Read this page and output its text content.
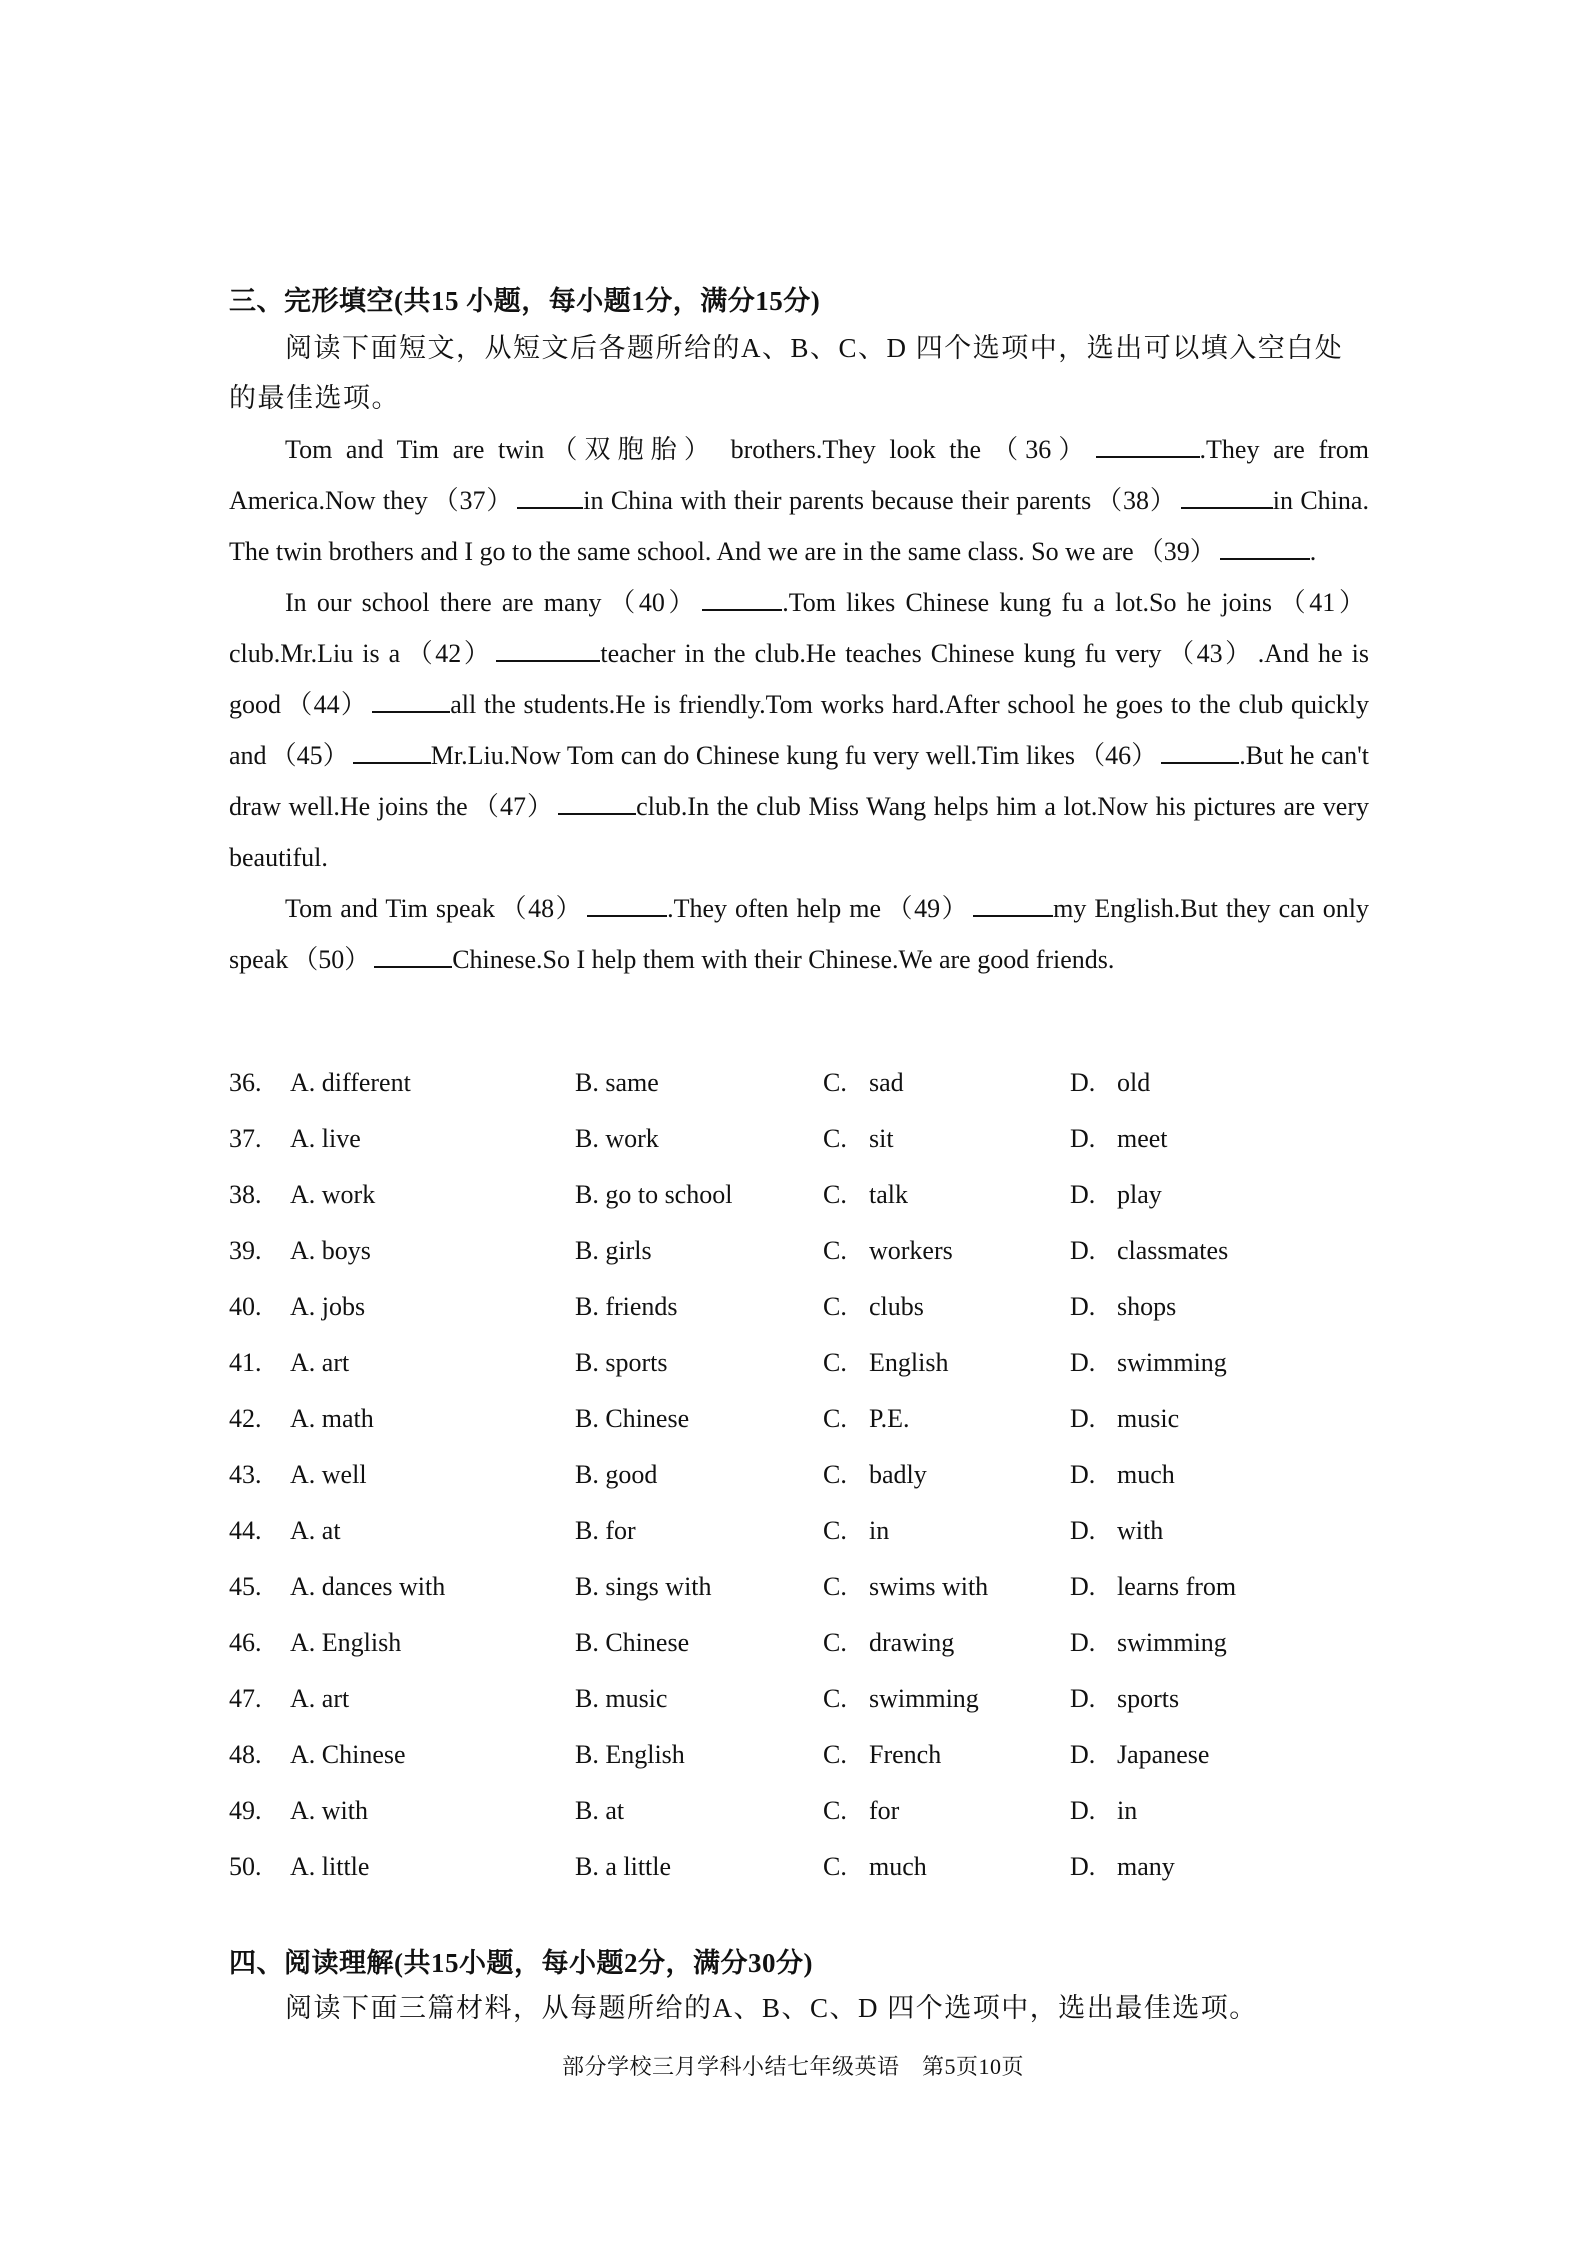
三、完形填空(共15 小题，每小题1分，满分15分)
阅读下面短文，从短文后各题所给的A、B、C、D 四个选项中，选出可以填入空白处的最佳选项。

Tom and Tim are twin（双胞胎） brothers.They look the （36）	.They are from America.Now they （37）	in China with their parents because their parents （38）	in China. The twin brothers and I go to the same school. And we are in the same class. So we are （39）	.

In our school there are many （40）	.Tom likes Chinese kung fu a lot.So he joins （41）club.Mr.Liu is a （42）	teacher in the club.He teaches Chinese kung fu very （43） .And he is good （44）	all the students.He is friendly.Tom works hard.After school he goes to the club quickly and （45）	Mr.Liu.Now Tom can do Chinese kung fu very well.Tim likes （46）	.But he can't draw well.He joins the （47）	club.In the club Miss Wang helps him a lot.Now his pictures are very beautiful.

Tom and Tim speak （48）	.They often help me （49）	my English.But they can only speak （50）	Chinese.So I help them with their Chinese.We are good friends.

36. A. different	B. same	C. sad	D. old
37. A. live	B. work	C. sit	D. meet
38. A. work	B. go to school	C. talk	D. play
39. A. boys	B. girls	C. workers	D. classmates
40. A. jobs	B. friends	C. clubs	D. shops
41. A. art	B. sports	C. English	D. swimming
42. A. math	B. Chinese	C. P.E.	D. music
43. A. well	B. good	C. badly	D. much
44. A. at	B. for	C. in	D. with
45. A. dances with	B. sings with	C. swims with	D. learns from
46. A. English	B. Chinese	C. drawing	D. swimming
47. A. art	B. music	C. swimming	D. sports
48. A. Chinese	B. English	C. French	D. Japanese
49. A. with	B. at	C. for	D. in
50. A. little	B. a little	C. much	D. many
四、阅读理解(共15小题，每小题2分，满分30分)
阅读下面三篇材料，从每题所给的A、B、C、D 四个选项中，选出最佳选项。
部分学校三月学科小结七年级英语　第5页10页
